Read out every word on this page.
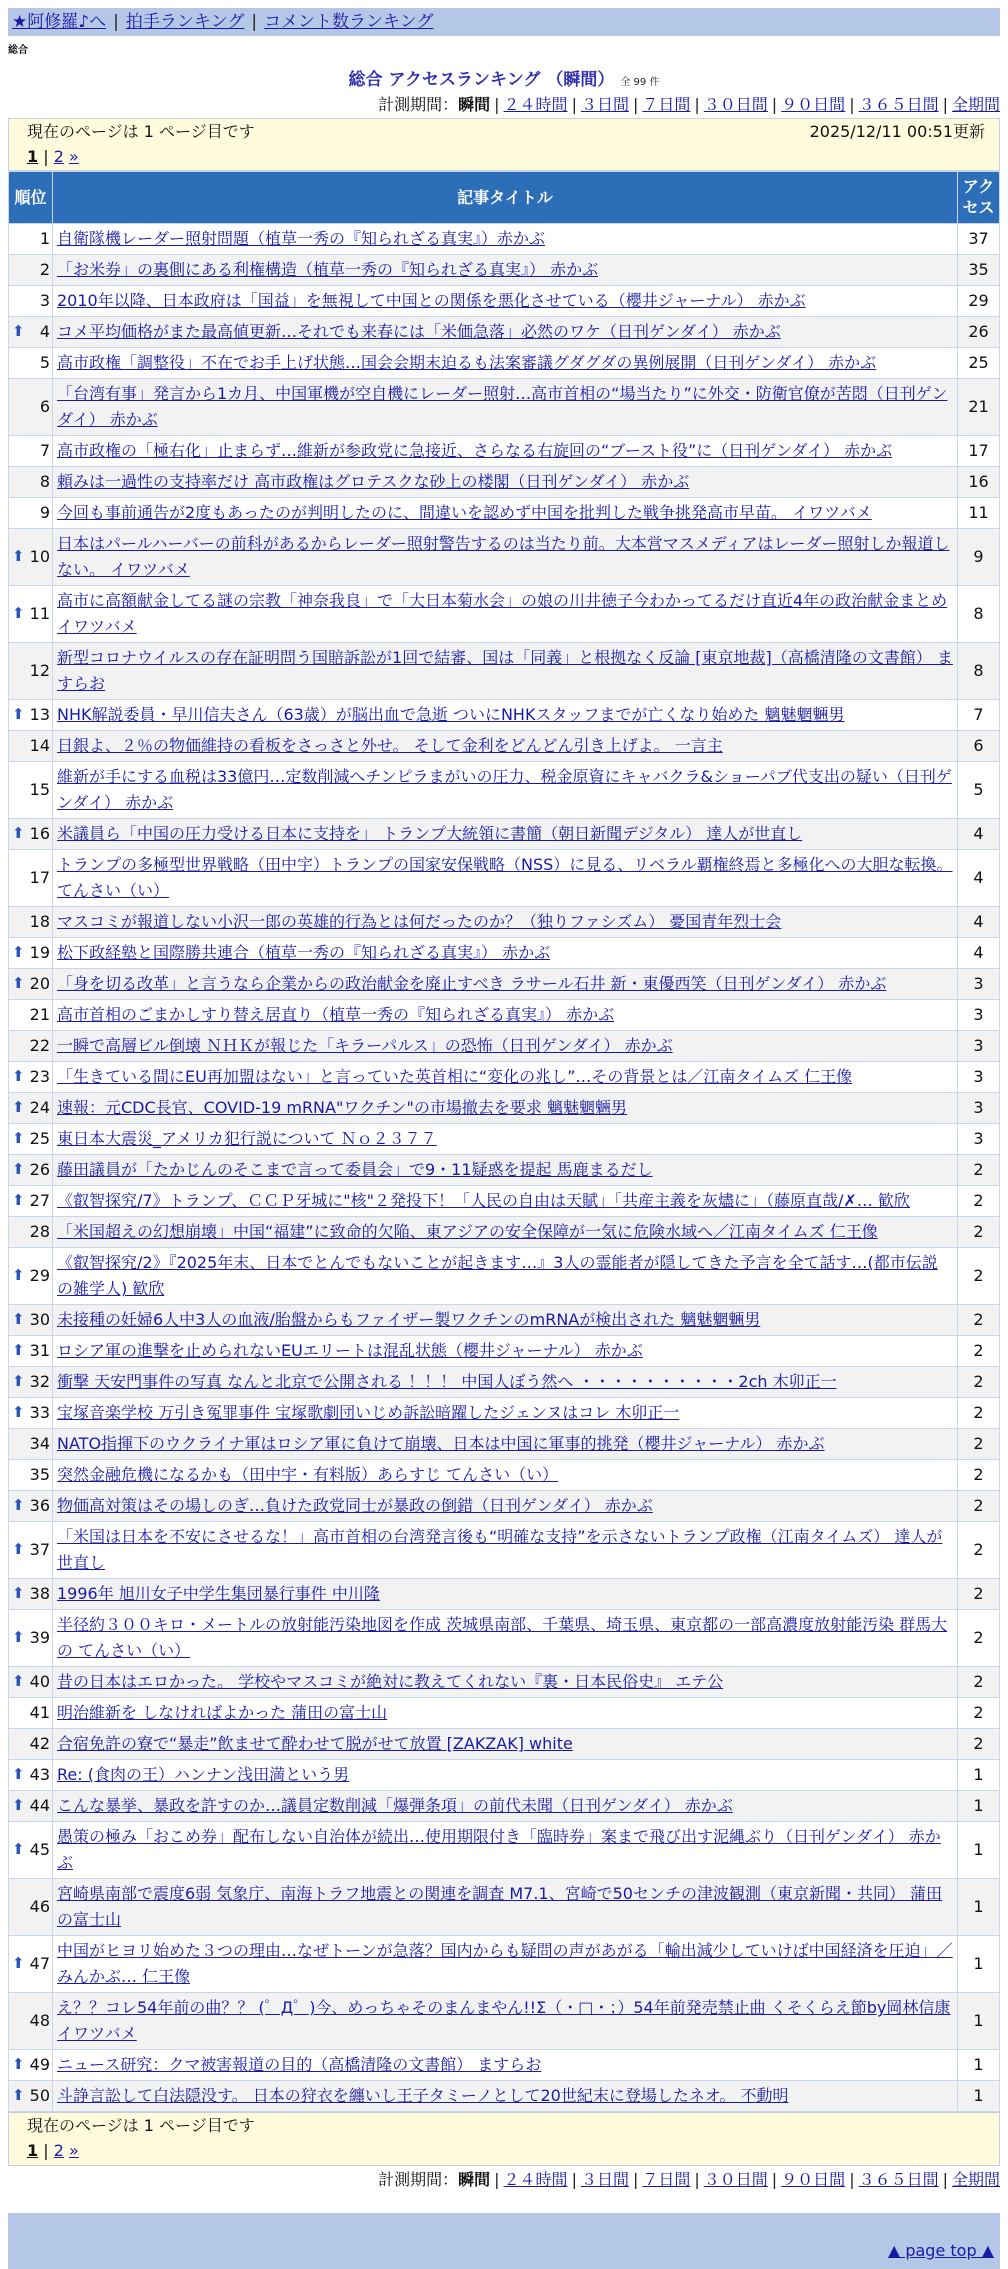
★阿修羅♪へ | 拍手ランキング | コメント数ランキング
総合
総合 アクセスランキング （瞬間） 全 99 件
計測期間：瞬間 | ２４時間 | ３日間 | ７日間 | ３０日間 | ９０日間 | ３６５日間 | 全期間
現在のページは 1 ページ目です	2025/12/11 00:51更新
1 | 2 »
順位	記事タイトル	アクセス
1	自衛隊機レーダー照射問題（植草一秀の『知られざる真実』）赤かぶ	37
2	「お米券」の裏側にある利権構造（植草一秀の『知られざる真実』） 赤かぶ	35
3	2010年以降、日本政府は「国益」を無視して中国との関係を悪化させている（櫻井ジャーナル） 赤かぶ	29

⬆ 4	コメ平均価格がまた最高値更新…それでも来春には「米価急落」必然のワケ（日刊ゲンダイ） 赤かぶ	26
5	高市政権「調整役」不在でお手上げ状態…国会会期末迫るも法案審議グダグダの異例展開（日刊ゲンダイ） 赤かぶ	25
6	「台湾有事」発言から1カ月、中国軍機が空自機にレーダー照射…高市首相の“場当たり”に外交・防衛官僚が苦悶（日刊ゲンダイ） 赤かぶ	21
7	高市政権の「極右化」止まらず…維新が参政党に急接近、さらなる右旋回の“ブースト役”に（日刊ゲンダイ） 赤かぶ	17
8	頼みは一過性の支持率だけ 高市政権はグロテスクな砂上の楼閣（日刊ゲンダイ） 赤かぶ	16
9	今回も事前通告が2度もあったのが判明したのに、間違いを認めず中国を批判した戦争挑発高市早苗。 イワツバメ	11

⬆ 10	日本はパールハーバーの前科があるからレーダー照射警告するのは当たり前。大本営マスメディアはレーダー照射しか報道しない。 イワツバメ	9

⬆ 11	高市に高額献金してる謎の宗教「神奈我良」で「大日本菊水会」の娘の川井徳子今わかってるだけ直近4年の政治献金まとめ イワツバメ	8
12	新型コロナウイルスの存在証明問う国賠訴訟が1回で結審、国は「同義」と根拠なく反論 [東京地裁]（高橋清隆の文書館） ますらお	8

⬆ 13	NHK解説委員・早川信夫さん（63歳）が脳出血で急逝 ついにNHKスタッフまでが亡くなり始めた 魑魅魍魎男	7
14	日銀よ、２％の物価維持の看板をさっさと外せ。 そして金利をどんどん引き上げよ。 一言主	6
15	維新が手にする血税は33億円…定数削減へチンピラまがいの圧力、税金原資にキャバクラ&ショーパブ代支出の疑い（日刊ゲンダイ） 赤かぶ	5

⬆ 16	米議員ら「中国の圧力受ける日本に支持を」 トランプ大統領に書簡（朝日新聞デジタル） 達人が世直し	4
17	トランプの多極型世界戦略（田中宇）トランプの国家安保戦略（NSS）に見る、リベラル覇権終焉と多極化への大胆な転換。 てんさい（い）	4
18	マスコミが報道しない小沢一郎の英雄的行為とは何だったのか？（独りファシズム） 憂国青年烈士会	4

⬆ 19	松下政経塾と国際勝共連合（植草一秀の『知られざる真実』） 赤かぶ	4

⬆ 20	「身を切る改革」と言うなら企業からの政治献金を廃止すべき ラサール石井 新・東優西笑（日刊ゲンダイ） 赤かぶ	3
21	高市首相のごまかしすり替え居直り（植草一秀の『知られざる真実』） 赤かぶ	3
22	一瞬で高層ビル倒壊 ＮＨＫが報じた「キラーパルス」の恐怖（日刊ゲンダイ） 赤かぶ	3

⬆ 23	「生きている間にEU再加盟はない」と言っていた英首相に“変化の兆し”…その背景とは／江南タイムズ 仁王像	3

⬆ 24	速報：元CDC長官、COVID-19 mRNA"ワクチン"の市場撤去を要求 魑魅魍魎男	3

⬆ 25	東日本大震災_アメリカ犯行説について Ｎｏ２３７７	3

⬆ 26	藤田議員が「たかじんのそこまで言って委員会」で9・11疑惑を提起 馬鹿まるだし	2

⬆ 27	《叡智探究/7》トランプ、ＣＣＰ牙城に"核"２発投下！「人民の自由は天賦」「共産主義を灰燼に」（藤原直哉/✗… 歓欣	2
28	「米国超えの幻想崩壊」中国“福建”に致命的欠陥、東アジアの安全保障が一気に危険水域へ／江南タイムズ 仁王像	2

⬆ 29	《叡智探究/2》『2025年末、日本でとんでもないことが起きます…』3人の霊能者が隠してきた予言を全て話す…(都市伝説の雑学人) 歓欣	2

⬆ 30	未接種の妊婦6人中3人の血液/胎盤からもファイザー製ワクチンのmRNAが検出された 魑魅魍魎男	2

⬆ 31	ロシア軍の進撃を止められないEUエリートは混乱状態（櫻井ジャーナル） 赤かぶ	2

⬆ 32	衝撃 天安門事件の写真 なんと北京で公開される ！！！ 中国人ぼう然へ ・・・・・・・・・・2ch 木卯正一	2

⬆ 33	宝塚音楽学校 万引き冤罪事件 宝塚歌劇団いじめ訴訟暗躍したジェンヌはコレ 木卯正一	2
34	NATO指揮下のウクライナ軍はロシア軍に負けて崩壊、日本は中国に軍事的挑発（櫻井ジャーナル） 赤かぶ	2
35	突然金融危機になるかも（田中宇・有料版）あらすじ てんさい（い）	2

⬆ 36	物価高対策はその場しのぎ…負けた政党同士が暴政の倒錯（日刊ゲンダイ） 赤かぶ	2

⬆ 37	「米国は日本を不安にさせるな！」高市首相の台湾発言後も“明確な支持”を示さないトランプ政権（江南タイムズ） 達人が世直し	2

⬆ 38	1996年 旭川女子中学生集団暴行事件 中川隆	2

⬆ 39	半径約３００キロ・メートルの放射能汚染地図を作成 茨城県南部、千葉県、埼玉県、東京都の一部高濃度放射能汚染 群馬大の てんさい（い）	2

⬆ 40	昔の日本はエロかった。 学校やマスコミが絶対に教えてくれない『裏・日本民俗史』 エテ公	2
41	明治維新を しなければよかった 蒲田の富士山	2
42	合宿免許の寮で“暴走”飲ませて酔わせて脱がせて放置 [ZAKZAK] white	2

⬆ 43	Re: (食肉の王）ハンナン浅田満という男	1

⬆ 44	こんな暴挙、暴政を許すのか…議員定数削減「爆弾条項」の前代未聞（日刊ゲンダイ） 赤かぶ	1

⬆ 45	愚策の極み「おこめ券」配布しない自治体が続出…使用期限付き「臨時券」案まで飛び出す泥縄ぶり（日刊ゲンダイ） 赤かぶ	1
46	宮崎県南部で震度6弱 気象庁、南海トラフ地震との関連を調査 M7.1、宮崎で50センチの津波観測（東京新聞・共同） 蒲田の富士山	1

⬆ 47	中国がヒヨリ始めた３つの理由…なぜトーンが急落？国内からも疑問の声があがる「輸出減少していけば中国経済を圧迫」／みんかぶ… 仁王像	1
48	え？？コレ54年前の曲？？ (゜Д゜)今、めっちゃそのまんまやん!!Σ（・□・；）54年前発売禁止曲 くそくらえ節by岡林信康 イワツバメ	1

⬆ 49	ニュース研究：クマ被害報道の目的（高橋清隆の文書館） ますらお	1

⬆ 50	斗諍言訟して白法隠没す。 日本の狩衣を纏いし王子タミーノとして20世紀末に登場したネオ。 不動明	1
現在のページは 1 ページ目です
1 | 2 »
計測期間：瞬間 | ２４時間 | ３日間 | ７日間 | ３０日間 | ９０日間 | ３６５日間 | 全期間
▲ page top ▲
